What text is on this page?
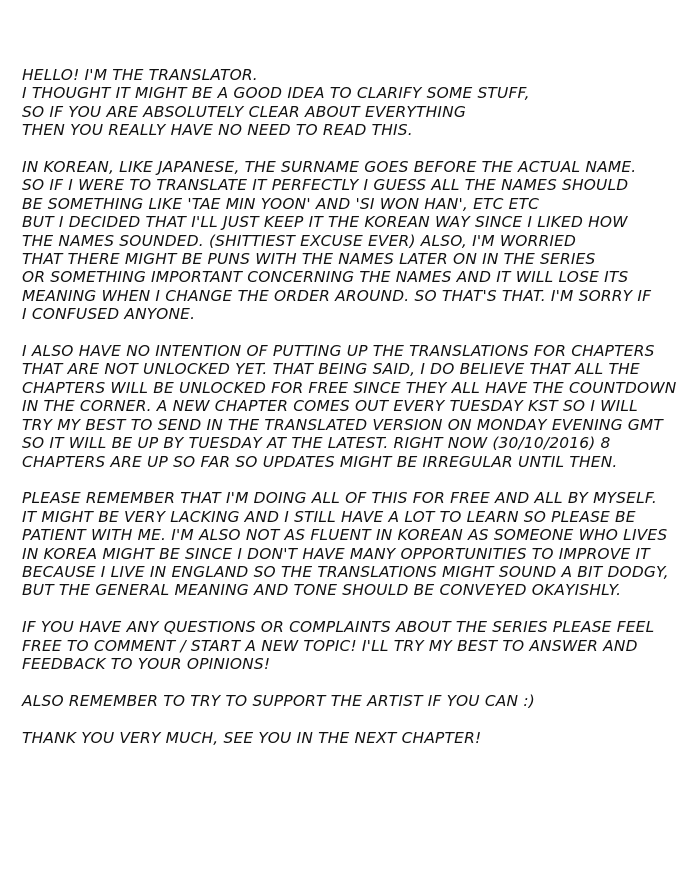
HELLO! I'M THE TRANSLATOR.
I THOUGHT IT MIGHT BE A GOOD IDEA TO CLARIFY SOME STUFF,
SO IF YOU ARE ABSOLUTELY CLEAR ABOUT EVERYTHING
THEN YOU REALLY HAVE NO NEED TO READ THIS.
IN KOREAN, LIKE JAPANESE, THE SURNAME GOES BEFORE THE ACTUAL NAME.
SO IF I WERE TO TRANSLATE IT PERFECTLY I GUESS ALL THE NAMES SHOULD
BE SOMETHING LIKE 'TAE MIN YOON' AND 'SI WON HAN', ETC ETC
BUT I DECIDED THAT I'LL JUST KEEP IT THE KOREAN WAY SINCE I LIKED HOW
THE NAMES SOUNDED. (SHITTIEST EXCUSE EVER) ALSO, I'M WORRIED
THAT THERE MIGHT BE PUNS WITH THE NAMES LATER ON IN THE SERIES
OR SOMETHING IMPORTANT CONCERNING THE NAMES AND IT WILL LOSE ITS
MEANING WHEN I CHANGE THE ORDER AROUND. SO THAT'S THAT. I'M SORRY IF
I CONFUSED ANYONE.
I ALSO HAVE NO INTENTION OF PUTTING UP THE TRANSLATIONS FOR CHAPTERS
THAT ARE NOT UNLOCKED YET. THAT BEING SAID, I DO BELIEVE THAT ALL THE
CHAPTERS WILL BE UNLOCKED FOR FREE SINCE THEY ALL HAVE THE COUNTDOWN
IN THE CORNER. A NEW CHAPTER COMES OUT EVERY TUESDAY KST SO I WILL
TRY MY BEST TO SEND IN THE TRANSLATED VERSION ON MONDAY EVENING GMT
SO IT WILL BE UP BY TUESDAY AT THE LATEST. RIGHT NOW (30/10/2016) 8
CHAPTERS ARE UP SO FAR SO UPDATES MIGHT BE IRREGULAR UNTIL THEN.
PLEASE REMEMBER THAT I'M DOING ALL OF THIS FOR FREE AND ALL BY MYSELF.
IT MIGHT BE VERY LACKING AND I STILL HAVE A LOT TO LEARN SO PLEASE BE
PATIENT WITH ME. I'M ALSO NOT AS FLUENT IN KOREAN AS SOMEONE WHO LIVES
IN KOREA MIGHT BE SINCE I DON'T HAVE MANY OPPORTUNITIES TO IMPROVE IT
BECAUSE I LIVE IN ENGLAND SO THE TRANSLATIONS MIGHT SOUND A BIT DODGY,
BUT THE GENERAL MEANING AND TONE SHOULD BE CONVEYED OKAYISHLY.
IF YOU HAVE ANY QUESTIONS OR COMPLAINTS ABOUT THE SERIES PLEASE FEEL
FREE TO COMMENT / START A NEW TOPIC! I'LL TRY MY BEST TO ANSWER AND
FEEDBACK TO YOUR OPINIONS!
ALSO REMEMBER TO TRY TO SUPPORT THE ARTIST IF YOU CAN :)
THANK YOU VERY MUCH, SEE YOU IN THE NEXT CHAPTER!
